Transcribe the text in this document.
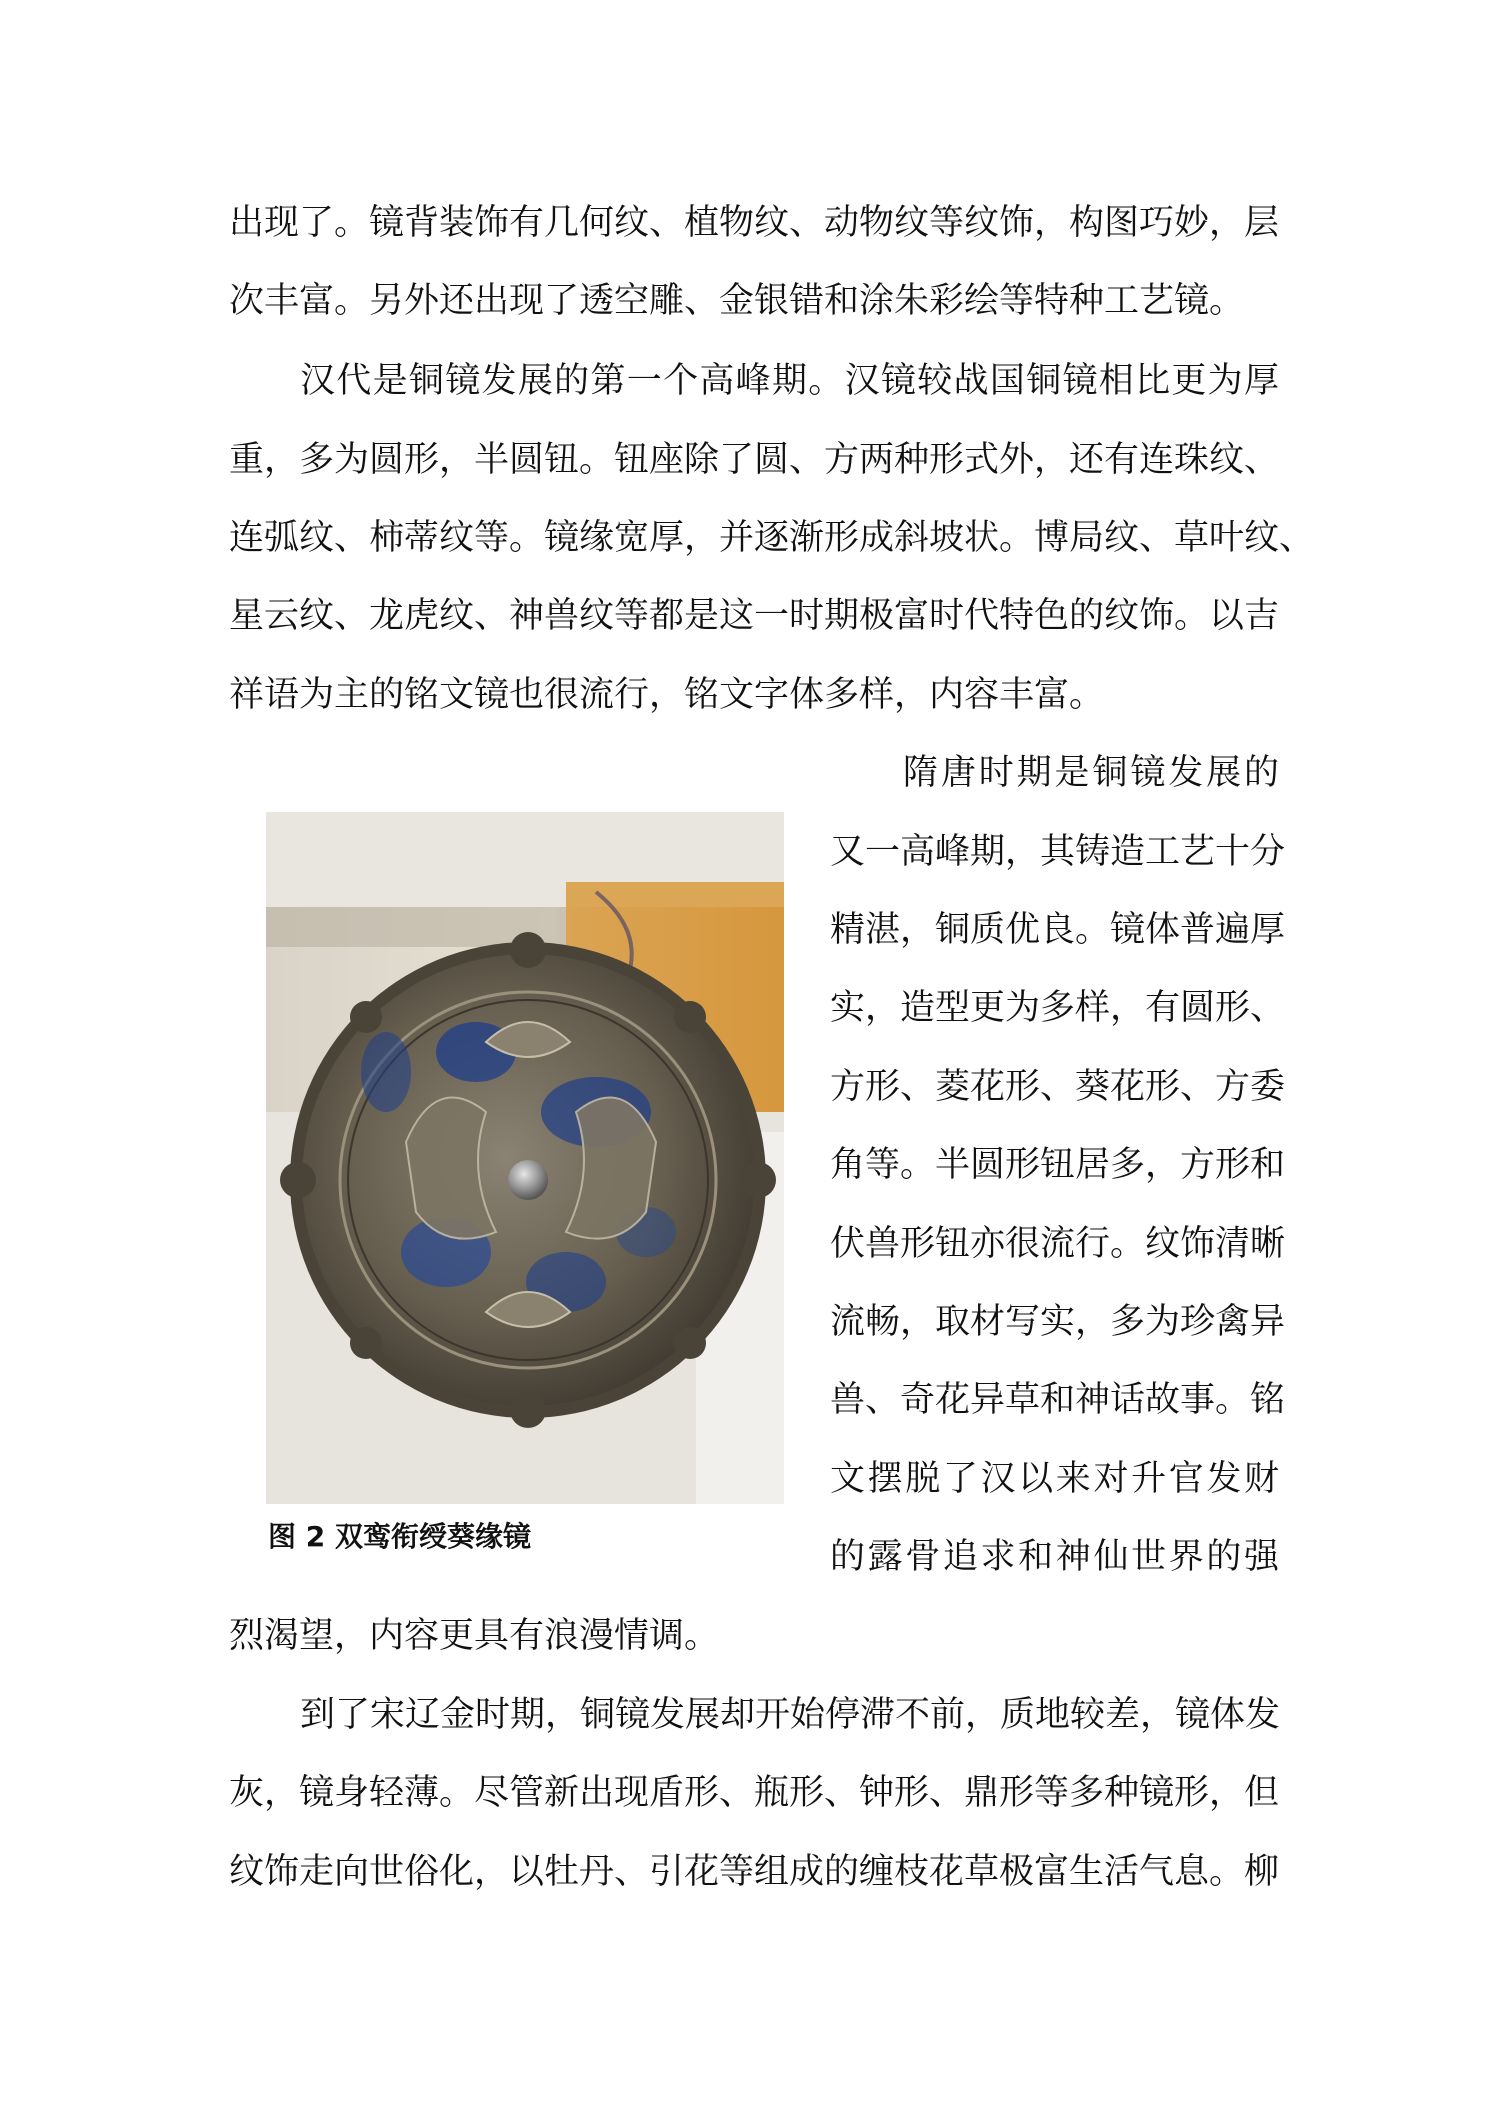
出现了。镜背装饰有几何纹、植物纹、动物纹等纹饰，构图巧妙，层
次丰富。另外还出现了透空雕、金银错和涂朱彩绘等特种工艺镜。
汉代是铜镜发展的第一个高峰期。汉镜较战国铜镜相比更为厚
重，多为圆形，半圆钮。钮座除了圆、方两种形式外，还有连珠纹、
连弧纹、柿蒂纹等。镜缘宽厚，并逐渐形成斜坡状。博局纹、草叶纹、
星云纹、龙虎纹、神兽纹等都是这一时期极富时代特色的纹饰。以吉
祥语为主的铭文镜也很流行，铭文字体多样，内容丰富。
隋唐时期是铜镜发展的
又一高峰期，其铸造工艺十分
精湛，铜质优良。镜体普遍厚
实，造型更为多样，有圆形、
方形、菱花形、葵花形、方委
角等。半圆形钮居多，方形和
伏兽形钮亦很流行。纹饰清晰
流畅，取材写实，多为珍禽异
兽、奇花异草和神话故事。铭
文摆脱了汉以来对升官发财
的露骨追求和神仙世界的强
烈渴望，内容更具有浪漫情调。
到了宋辽金时期，铜镜发展却开始停滞不前，质地较差，镜体发
灰，镜身轻薄。尽管新出现盾形、瓶形、钟形、鼎形等多种镜形，但
纹饰走向世俗化，以牡丹、引花等组成的缠枝花草极富生活气息。柳
图 2 双鸾衔绶葵缘镜
